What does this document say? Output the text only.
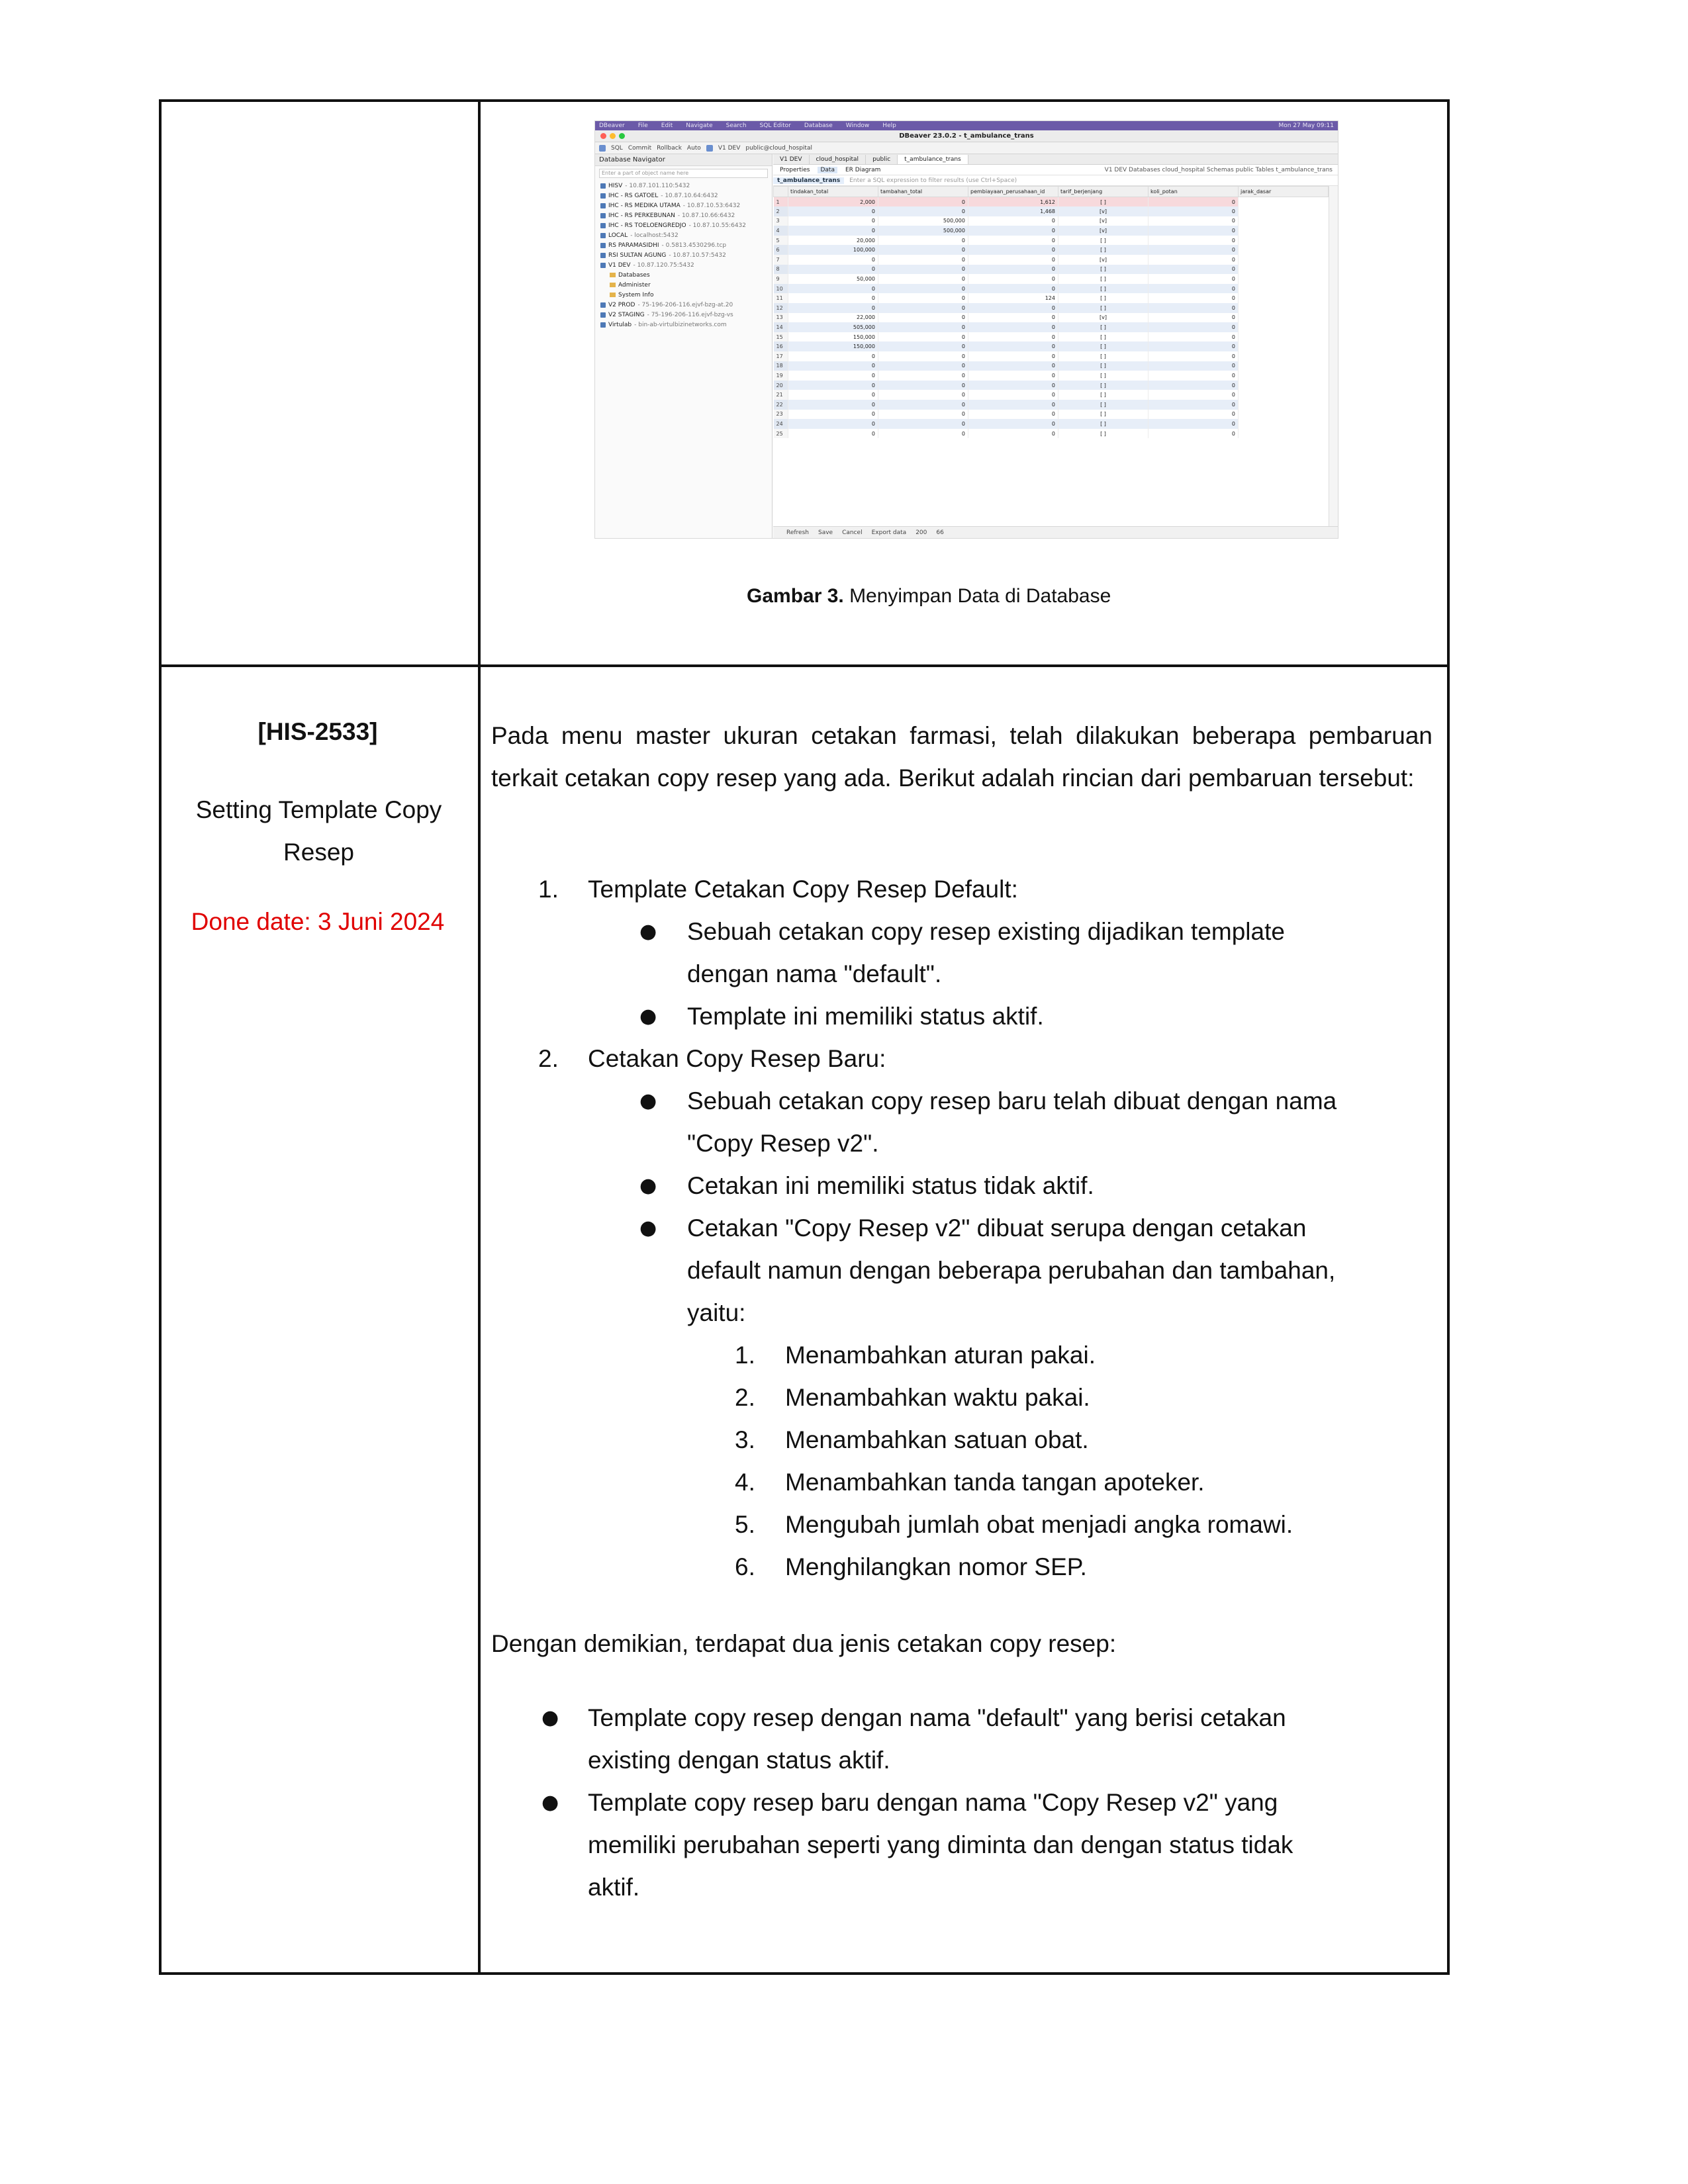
DBeaver File Edit Navigate Search SQL Editor Database Window Help	Mon 27 May 09:11
DBeaver 23.0.2 - t_ambulance_trans
SQL Commit Rollback Auto	V1 DEV public@cloud_hospital
Database Navigator
Enter a part of object name here
HISV - 10.87.101.110:5432
IHC - RS GATOEL - 10.87.10.64:6432
IHC - RS MEDIKA UTAMA - 10.87.10.53:6432
IHC - RS PERKEBUNAN - 10.87.10.66:6432
IHC - RS TOELOENGREDJO - 10.87.10.55:6432
LOCAL - localhost:5432
RS PARAMASIDHI - 0.5813.4530296.tcp
RSI SULTAN AGUNG - 10.87.10.57:5432
V1 DEV - 10.87.120.75:5432
Databases
Administer
System Info
V2 PROD - 75-196-206-116.ejvf-bzg-at.20
V2 STAGING - 75-196-206-116.ejvf-bzg-vs
Virtulab - bin-ab-virtulbizinetworks.com
V1 DEV	cloud_hospital	public	t_ambulance_trans
Properties	Data	ER Diagram	V1 DEV Databases cloud_hospital Schemas public Tables t_ambulance_trans
t_ambulance_trans	Enter a SQL expression to filter results (use Ctrl+Space)
	tindakan_total	tambahan_total	pembiayaan_perusahaan_id	tarif_berjenjang	koli_potan	jarak_dasar
1	2,000	0	1,612	[ ]	0	
2	0	0	1,468	[v]	0	
3	0	500,000	0	[v]	0	
4	0	500,000	0	[v]	0	
5	20,000	0	0	[ ]	0	
6	100,000	0	0	[ ]	0	
7	0	0	0	[v]	0	
8	0	0	0	[ ]	0	
9	50,000	0	0	[ ]	0	
10	0	0	0	[ ]	0	
11	0	0	124	[ ]	0	
12	0	0	0	[ ]	0	
13	22,000	0	0	[v]	0	
14	505,000	0	0	[ ]	0	
15	150,000	0	0	[ ]	0	
16	150,000	0	0	[ ]	0	
17	0	0	0	[ ]	0	
18	0	0	0	[ ]	0	
19	0	0	0	[ ]	0	
20	0	0	0	[ ]	0	
21	0	0	0	[ ]	0	
22	0	0	0	[ ]	0	
23	0	0	0	[ ]	0	
24	0	0	0	[ ]	0	
25	0	0	0	[ ]	0	
Refresh Save Cancel Export data 200 66
Gambar 3. Menyimpan Data di Database
[HIS-2533]
Setting Template Copy Resep
Done date: 3 Juni 2024
Pada menu master ukuran cetakan farmasi, telah dilakukan beberapa pembaruan terkait cetakan copy resep yang ada. Berikut adalah rincian dari pembaruan tersebut:
1. Template Cetakan Copy Resep Default:
● Sebuah cetakan copy resep existing dijadikan template
dengan nama "default".
● Template ini memiliki status aktif.
2. Cetakan Copy Resep Baru:
● Sebuah cetakan copy resep baru telah dibuat dengan nama
"Copy Resep v2".
● Cetakan ini memiliki status tidak aktif.
● Cetakan "Copy Resep v2" dibuat serupa dengan cetakan
default namun dengan beberapa perubahan dan tambahan,
yaitu:
1. Menambahkan aturan pakai.
2. Menambahkan waktu pakai.
3. Menambahkan satuan obat.
4. Menambahkan tanda tangan apoteker.
5. Mengubah jumlah obat menjadi angka romawi.
6. Menghilangkan nomor SEP.
Dengan demikian, terdapat dua jenis cetakan copy resep:
● Template copy resep dengan nama "default" yang berisi cetakan
existing dengan status aktif.
● Template copy resep baru dengan nama "Copy Resep v2" yang
memiliki perubahan seperti yang diminta dan dengan status tidak
aktif.
